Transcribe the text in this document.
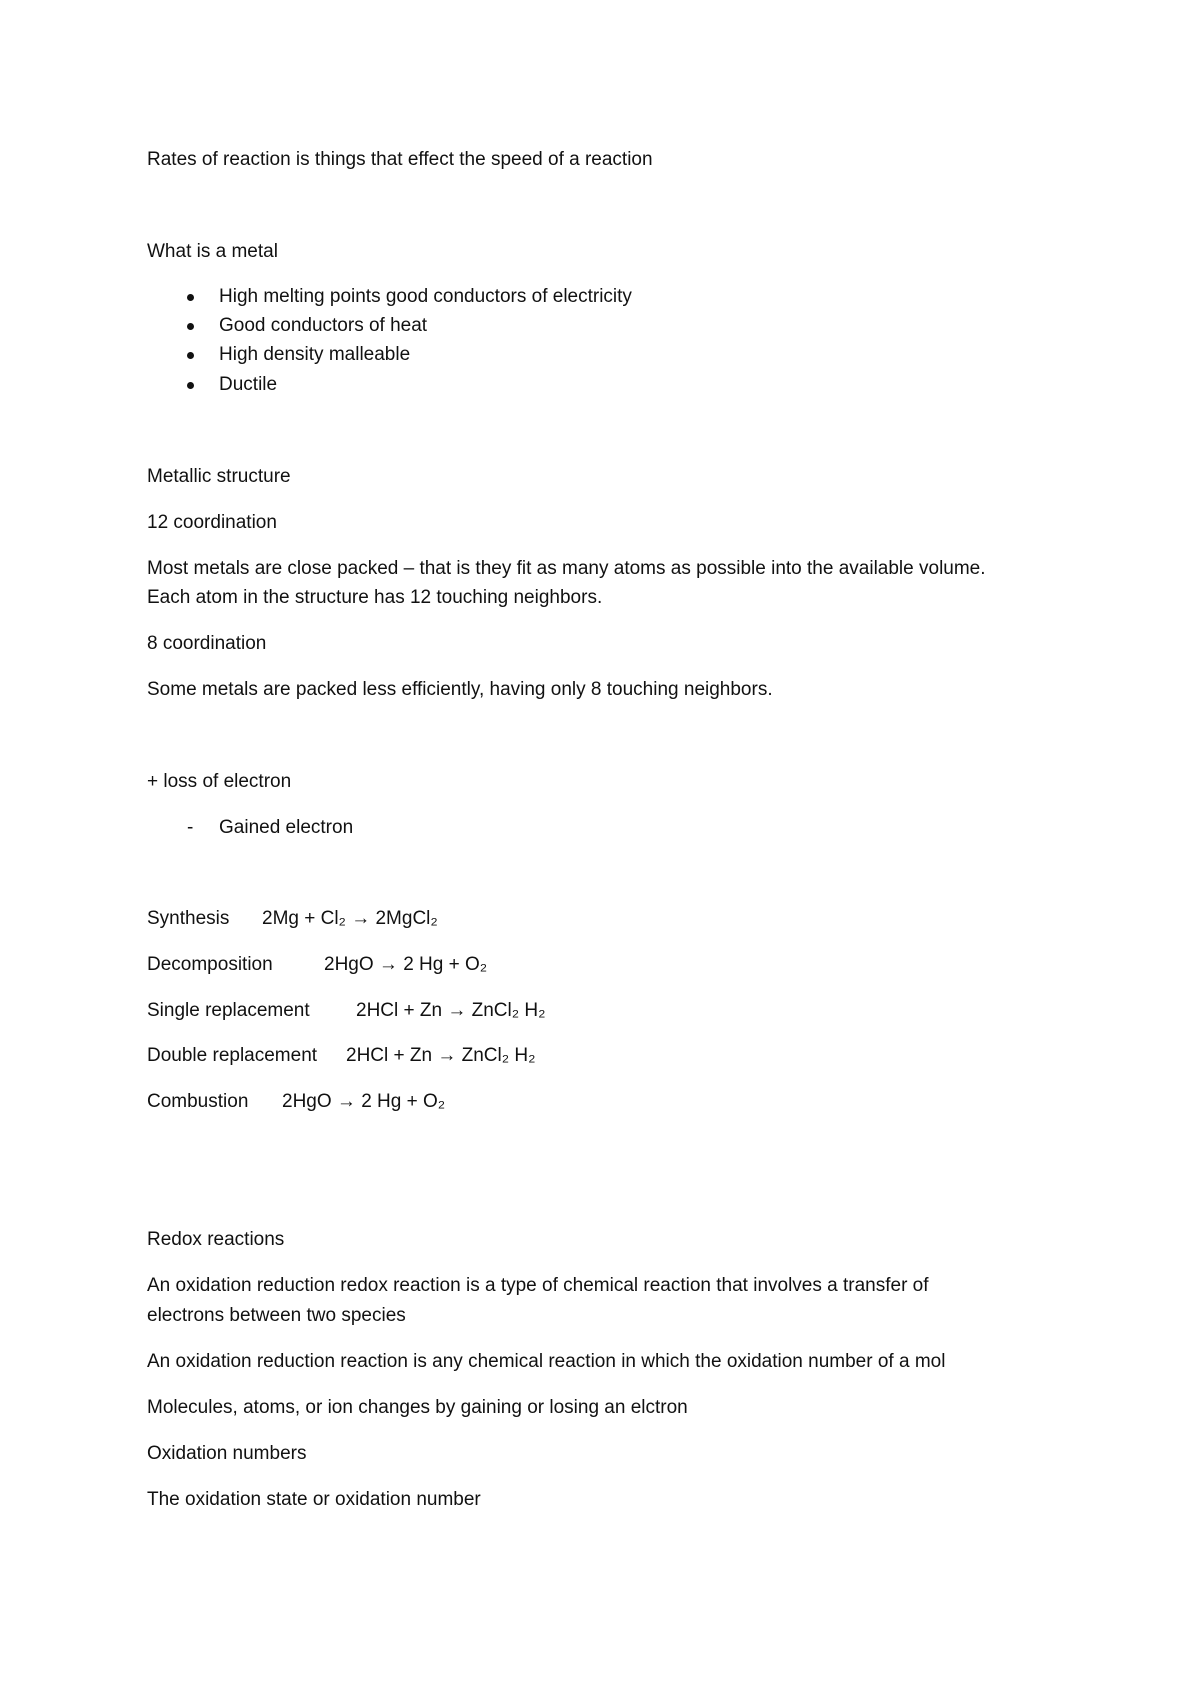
Rates of reaction is things that effect the speed of a reaction

What is a metal

High melting points good conductors of electricity
Good conductors of heat
High density malleable
Ductile

Metallic structure

12 coordination

Most metals are close packed – that is they fit as many atoms as possible into the available volume.

Each atom in the structure has 12 touching neighbors.

8 coordination

Some metals are packed less efficiently, having only 8 touching neighbors.

+ loss of electron

- Gained electron
Synthesis 2Mg + Cl₂ → 2MgCl₂
Decomposition	2HgO → 2 Hg + O₂
Single replacement 2HCl + Zn → ZnCl₂ H₂
Double replacement 2HCl + Zn → ZnCl₂ H₂
Combustion 2HgO → 2 Hg + O₂

Redox reactions

An oxidation reduction redox reaction is a type of chemical reaction that involves a transfer of

electrons between two species

An oxidation reduction reaction is any chemical reaction in which the oxidation number of a mol

Molecules, atoms, or ion changes by gaining or losing an elctron

Oxidation numbers

The oxidation state or oxidation number
